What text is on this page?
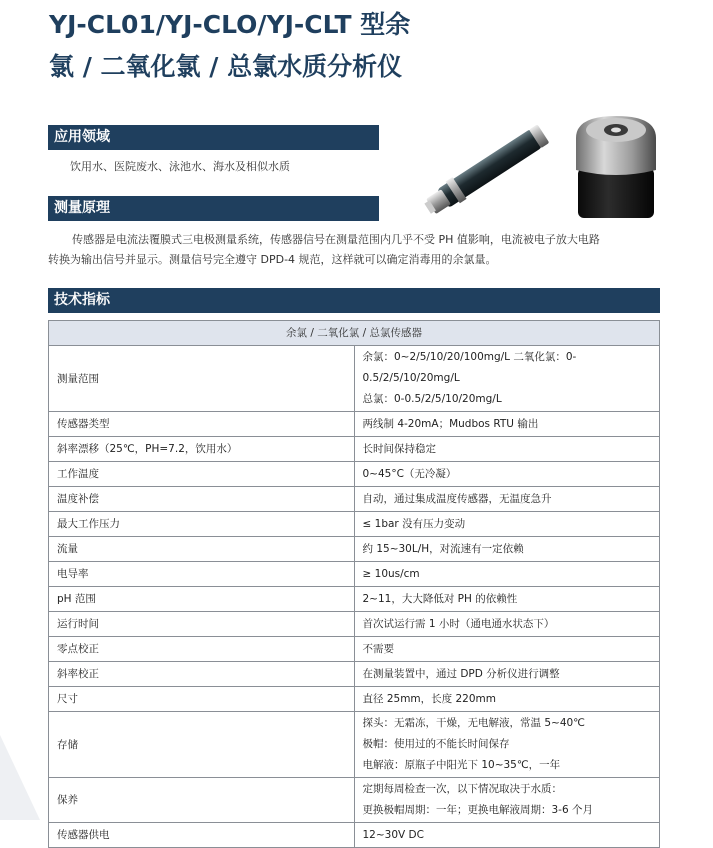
YJ-CL01/YJ-CLO/YJ-CLT 型余
氯 / 二氧化氯 / 总氯水质分析仪
应用领域
饮用水、医院废水、泳池水、海水及相似水质
测量原理
传感器是电流法覆膜式三电极测量系统，传感器信号在测量范围内几乎不受 PH 值影响，电流被电子放大电路
转换为输出信号并显示。测量信号完全遵守 DPD-4 规范，这样就可以确定消毒用的余氯量。
技术指标
余氯 / 二氧化氯 / 总氯传感器	
测量范围	余氯：0~2/5/10/20/100mg/L 二氧化氯：0-0.5/2/5/10/20mg/L
总氯：0-0.5/2/5/10/20mg/L

传感器类型	两线制 4-20mA；Mudbos RTU 输出

斜率漂移（25℃，PH=7.2，饮用水）	长时间保持稳定

工作温度	0~45°C（无冷凝）

温度补偿	自动，通过集成温度传感器，无温度急升

最大工作压力	≤ 1bar 没有压力变动

流量	约 15~30L/H，对流速有一定依赖

电导率	≥ 10us/cm

pH 范围	2~11，大大降低对 PH 的依赖性

运行时间	首次试运行需 1 小时（通电通水状态下）

零点校正	不需要

斜率校正	在测量装置中，通过 DPD 分析仪进行调整

尺寸	直径 25mm，长度 220mm

存储	探头：无霜冻，干燥，无电解液，常温 5~40℃
极帽：使用过的不能长时间保存
电解液：原瓶子中阳光下 10~35℃，一年

保养	定期每周检查一次，以下情况取决于水质：
更换极帽周期：一年；更换电解液周期：3-6 个月

传感器供电	12~30V DC
